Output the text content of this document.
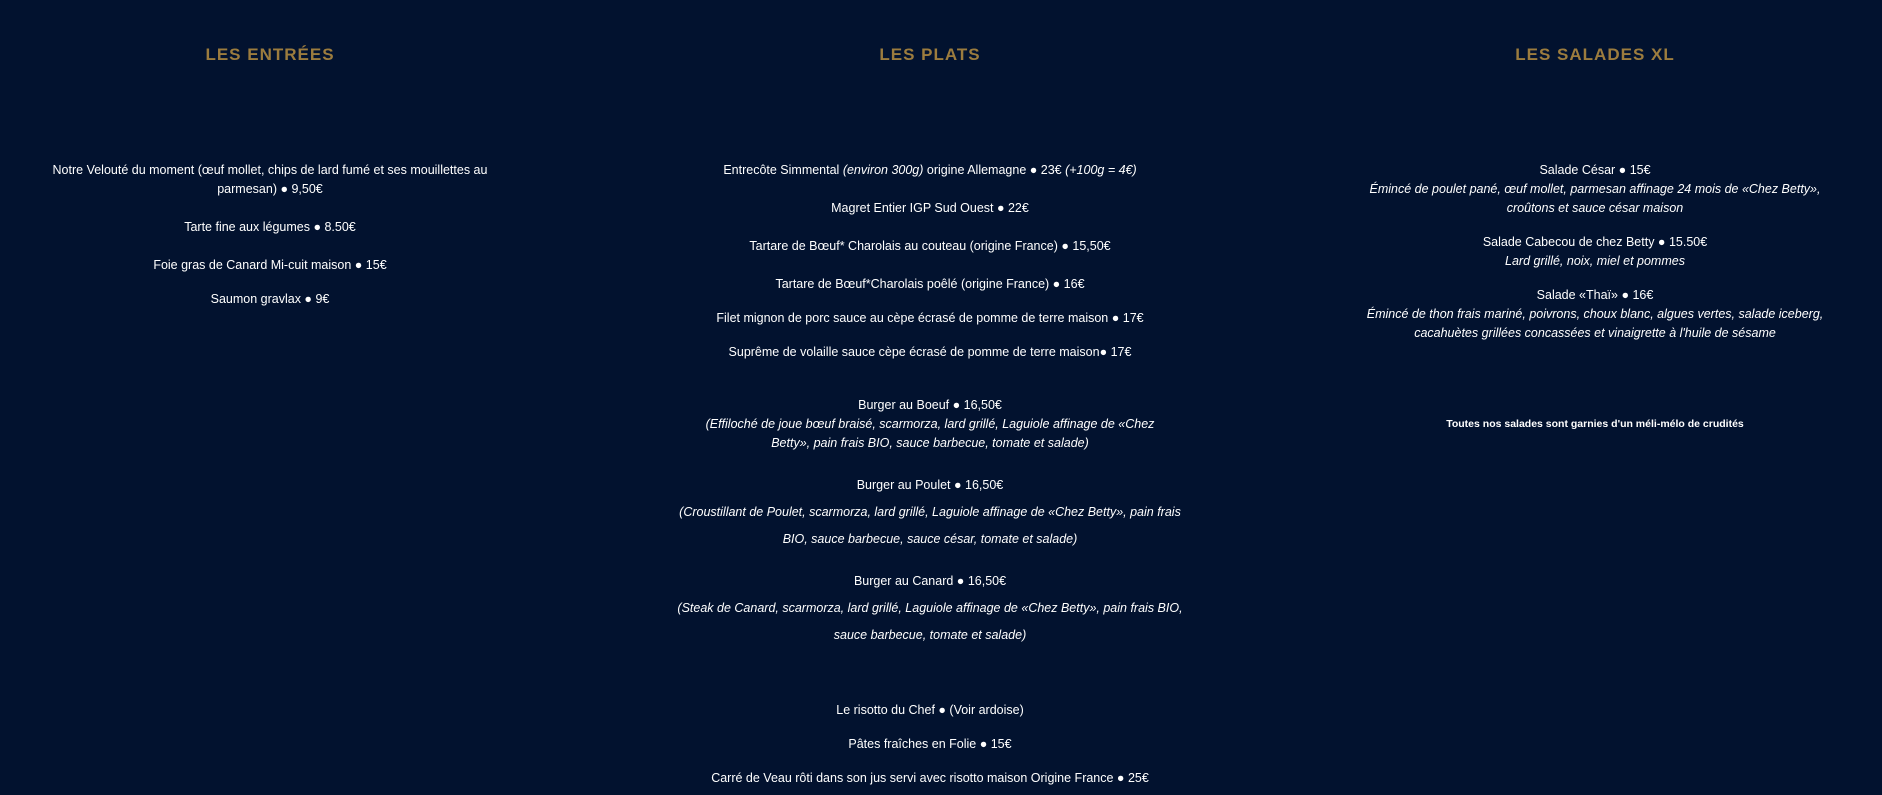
LES ENTRÉES

Notre Velouté du moment (œuf mollet, chips de lard fumé et ses mouillettes au parmesan) ● 9,50€

Tarte fine aux légumes ● 8.50€

Foie gras de Canard Mi-cuit maison ● 15€

Saumon gravlax ● 9€

LES PLATS

Entrecôte Simmental (environ 300g) origine Allemagne ● 23€ (+100g = 4€)

Magret Entier IGP Sud Ouest ● 22€

Tartare de Bœuf* Charolais au couteau (origine France) ● 15,50€

Tartare de Bœuf*Charolais poêlé (origine France) ● 16€

Filet mignon de porc sauce au cèpe écrasé de pomme de terre maison ● 17€

Suprême de volaille sauce cèpe écrasé de pomme de terre maison● 17€

Burger au Boeuf ● 16,50€

(Effiloché de joue bœuf braisé, scarmorza, lard grillé, Laguiole affinage de «Chez Betty», pain frais BIO, sauce barbecue, tomate et salade)

Burger au Poulet ● 16,50€

(Croustillant de Poulet, scarmorza, lard grillé, Laguiole affinage de «Chez Betty», pain frais

BIO, sauce barbecue, sauce césar, tomate et salade)

Burger au Canard ● 16,50€

(Steak de Canard, scarmorza, lard grillé, Laguiole affinage de «Chez Betty», pain frais BIO,

sauce barbecue, tomate et salade)

Le risotto du Chef ● (Voir ardoise)

Pâtes fraîches en Folie ● 15€

Carré de Veau rôti dans son jus servi avec risotto maison Origine France ● 25€

LES SALADES XL

Salade César ● 15€

Émincé de poulet pané, œuf mollet, parmesan affinage 24 mois de «Chez Betty», croûtons et sauce césar maison

Salade Cabecou de chez Betty ● 15.50€

Lard grillé, noix, miel et pommes

Salade «Thaï» ● 16€

Émincé de thon frais mariné, poivrons, choux blanc, algues vertes, salade iceberg, cacahuètes grillées concassées et vinaigrette à l'huile de sésame

Toutes nos salades sont garnies d'un méli-mélo de crudités
